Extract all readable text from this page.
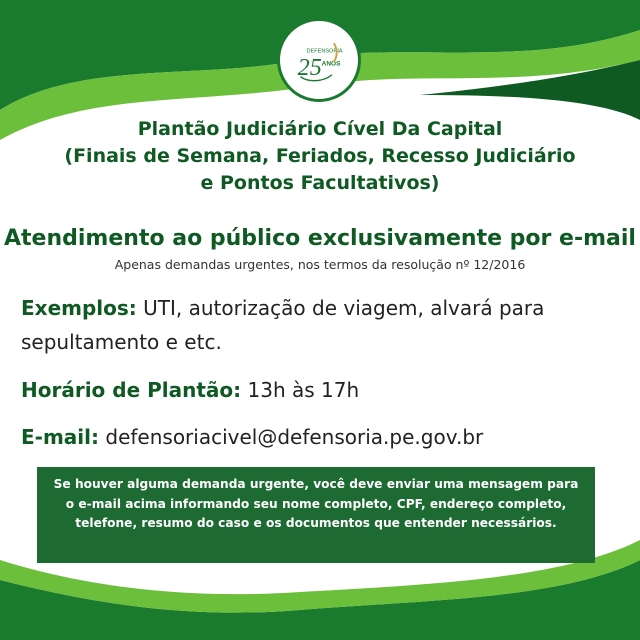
DEFENSORIA
25 ANOS
Plantão Judiciário Cível Da Capital
(Finais de Semana, Feriados, Recesso Judiciário
e Pontos Facultativos)
Atendimento ao público exclusivamente por e-mail
Apenas demandas urgentes, nos termos da resolução nº 12/2016
Exemplos: UTI, autorização de viagem, alvará para
sepultamento e etc.
Horário de Plantão: 13h às 17h
E-mail: defensoriacivel@defensoria.pe.gov.br
Se houver alguma demanda urgente, você deve enviar uma mensagem para o e-mail acima informando seu nome completo, CPF, endereço completo, telefone, resumo do caso e os documentos que entender necessários.
